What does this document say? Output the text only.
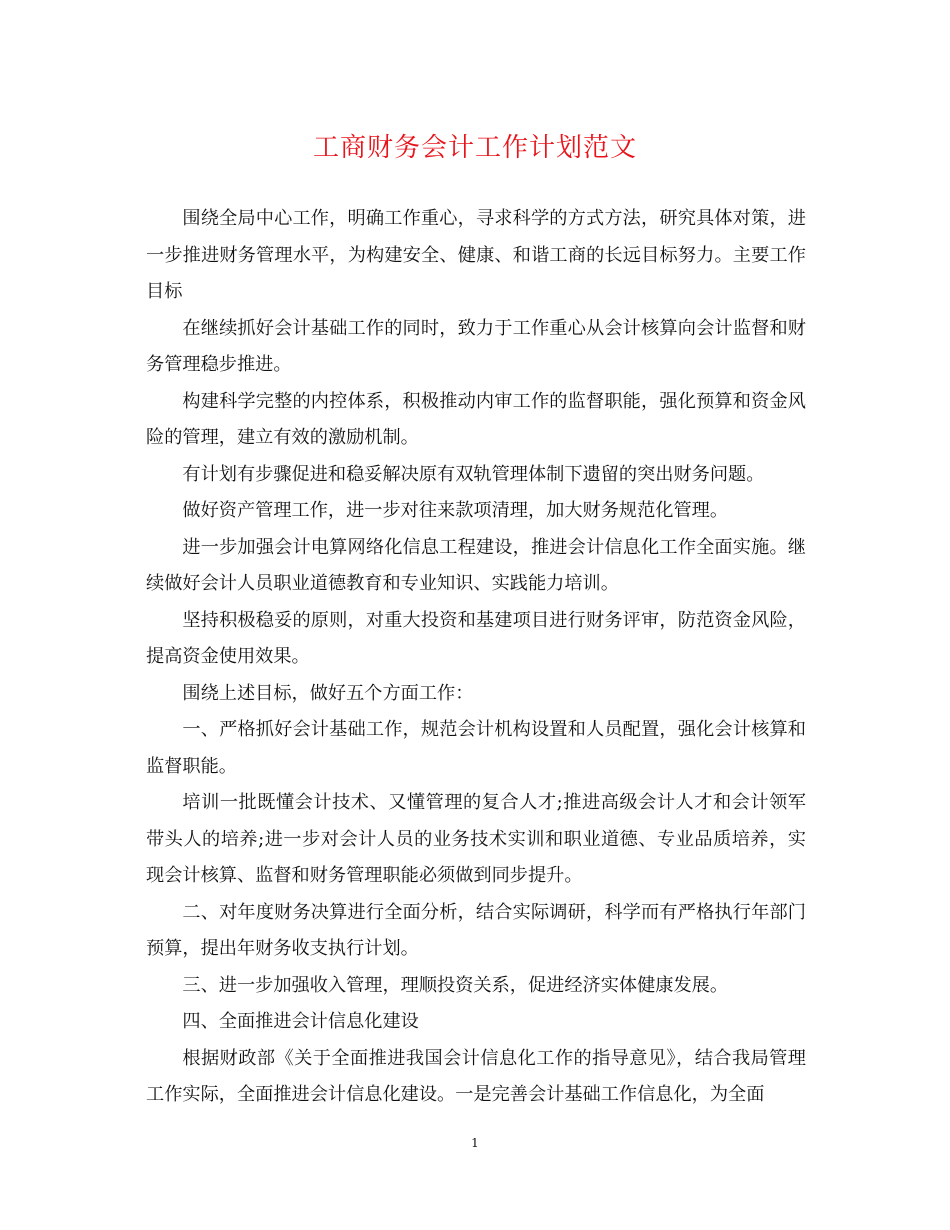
工商财务会计工作计划范文

围绕全局中心工作，明确工作重心，寻求科学的方式方法，研究具体对策，进一步推进财务管理水平，为构建安全、健康、和谐工商的长远目标努力。主要工作目标

在继续抓好会计基础工作的同时，致力于工作重心从会计核算向会计监督和财务管理稳步推进。

构建科学完整的内控体系，积极推动内审工作的监督职能，强化预算和资金风险的管理，建立有效的激励机制。

有计划有步骤促进和稳妥解决原有双轨管理体制下遗留的突出财务问题。

做好资产管理工作，进一步对往来款项清理，加大财务规范化管理。

进一步加强会计电算网络化信息工程建设，推进会计信息化工作全面实施。继续做好会计人员职业道德教育和专业知识、实践能力培训。

坚持积极稳妥的原则，对重大投资和基建项目进行财务评审，防范资金风险，提高资金使用效果。

围绕上述目标，做好五个方面工作：

一、严格抓好会计基础工作，规范会计机构设置和人员配置，强化会计核算和监督职能。

培训一批既懂会计技术、又懂管理的复合人才;推进高级会计人才和会计领军带头人的培养;进一步对会计人员的业务技术实训和职业道德、专业品质培养，实现会计核算、监督和财务管理职能必须做到同步提升。

二、对年度财务决算进行全面分析，结合实际调研，科学而有严格执行年部门预算，提出年财务收支执行计划。

三、进一步加强收入管理，理顺投资关系，促进经济实体健康发展。

四、全面推进会计信息化建设

根据财政部《关于全面推进我国会计信息化工作的指导意见》，结合我局管理工作实际，全面推进会计信息化建设。一是完善会计基础工作信息化，为全面

1
